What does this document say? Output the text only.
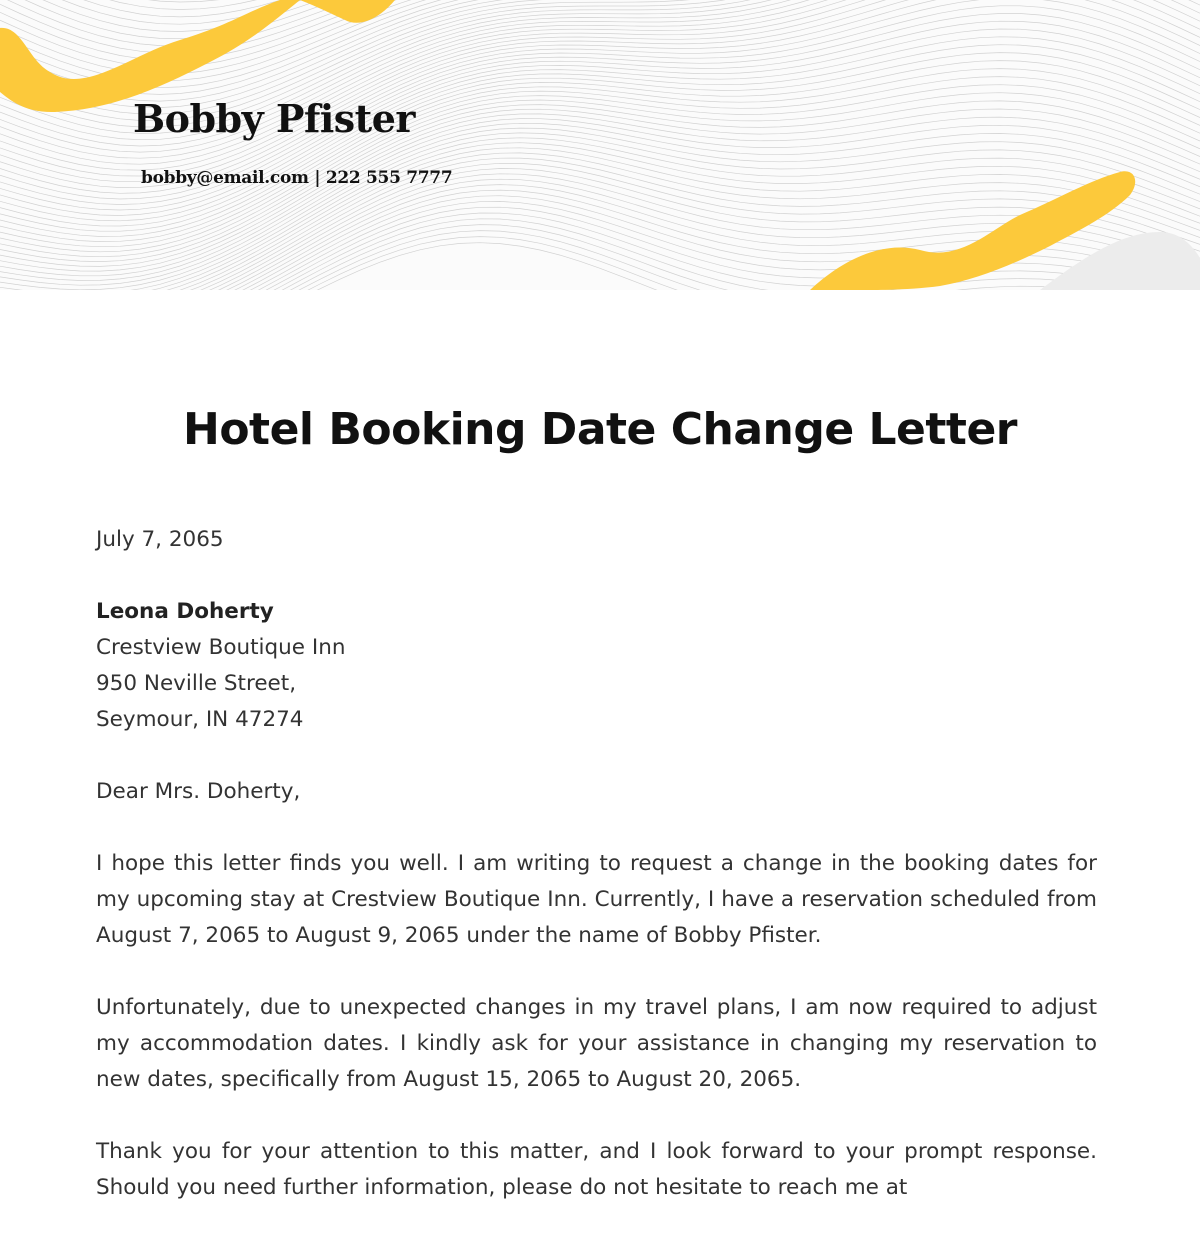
Bobby Pfister
bobby@email.com | 222 555 7777
Hotel Booking Date Change Letter

July 7, 2065

Leona Doherty
Crestview Boutique Inn
950 Neville Street,
Seymour, IN 47274

Dear Mrs. Doherty,

I hope this letter finds you well. I am writing to request a change in the booking dates for my upcoming stay at Crestview Boutique Inn. Currently, I have a reservation scheduled from August 7, 2065 to August 9, 2065 under the name of Bobby Pfister.

Unfortunately, due to unexpected changes in my travel plans, I am now required to adjust my accommodation dates. I kindly ask for your assistance in changing my reservation to new dates, specifically from August 15, 2065 to August 20, 2065.

Thank you for your attention to this matter, and I look forward to your prompt response. Should you need further information, please do not hesitate to reach me at
